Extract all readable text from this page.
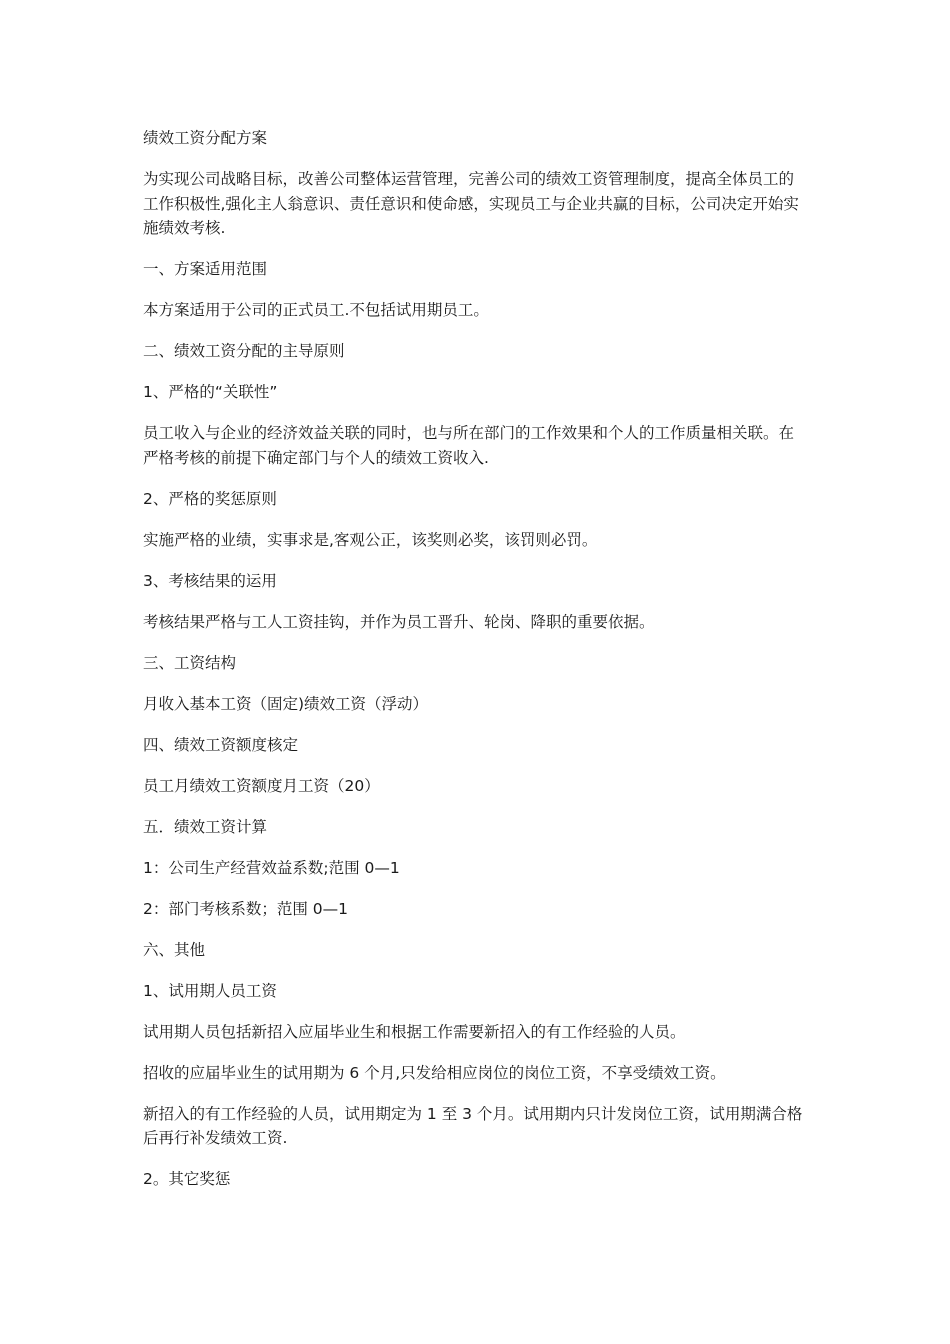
绩效工资分配方案

为实现公司战略目标，改善公司整体运营管理，完善公司的绩效工资管理制度，提高全体员工的工作积极性,强化主人翁意识、责任意识和使命感，实现员工与企业共赢的目标，公司决定开始实施绩效考核.

一、方案适用范围

本方案适用于公司的正式员工.不包括试用期员工。

二、绩效工资分配的主导原则

1、严格的“关联性”

员工收入与企业的经济效益关联的同时，也与所在部门的工作效果和个人的工作质量相关联。在严格考核的前提下确定部门与个人的绩效工资收入.

2、严格的奖惩原则

实施严格的业绩，实事求是,客观公正，该奖则必奖，该罚则必罚。

3、考核结果的运用

考核结果严格与工人工资挂钩，并作为员工晋升、轮岗、降职的重要依据。

三、工资结构

月收入基本工资（固定)绩效工资（浮动）

四、绩效工资额度核定

员工月绩效工资额度月工资（20）

五．绩效工资计算

1：公司生产经营效益系数;范围 0—1

2：部门考核系数；范围 0—1

六、其他

1、试用期人员工资

试用期人员包括新招入应届毕业生和根据工作需要新招入的有工作经验的人员。

招收的应届毕业生的试用期为 6 个月,只发给相应岗位的岗位工资，不享受绩效工资。

新招入的有工作经验的人员，试用期定为 1 至 3 个月。试用期内只计发岗位工资，试用期满合格后再行补发绩效工资.

2。其它奖惩
